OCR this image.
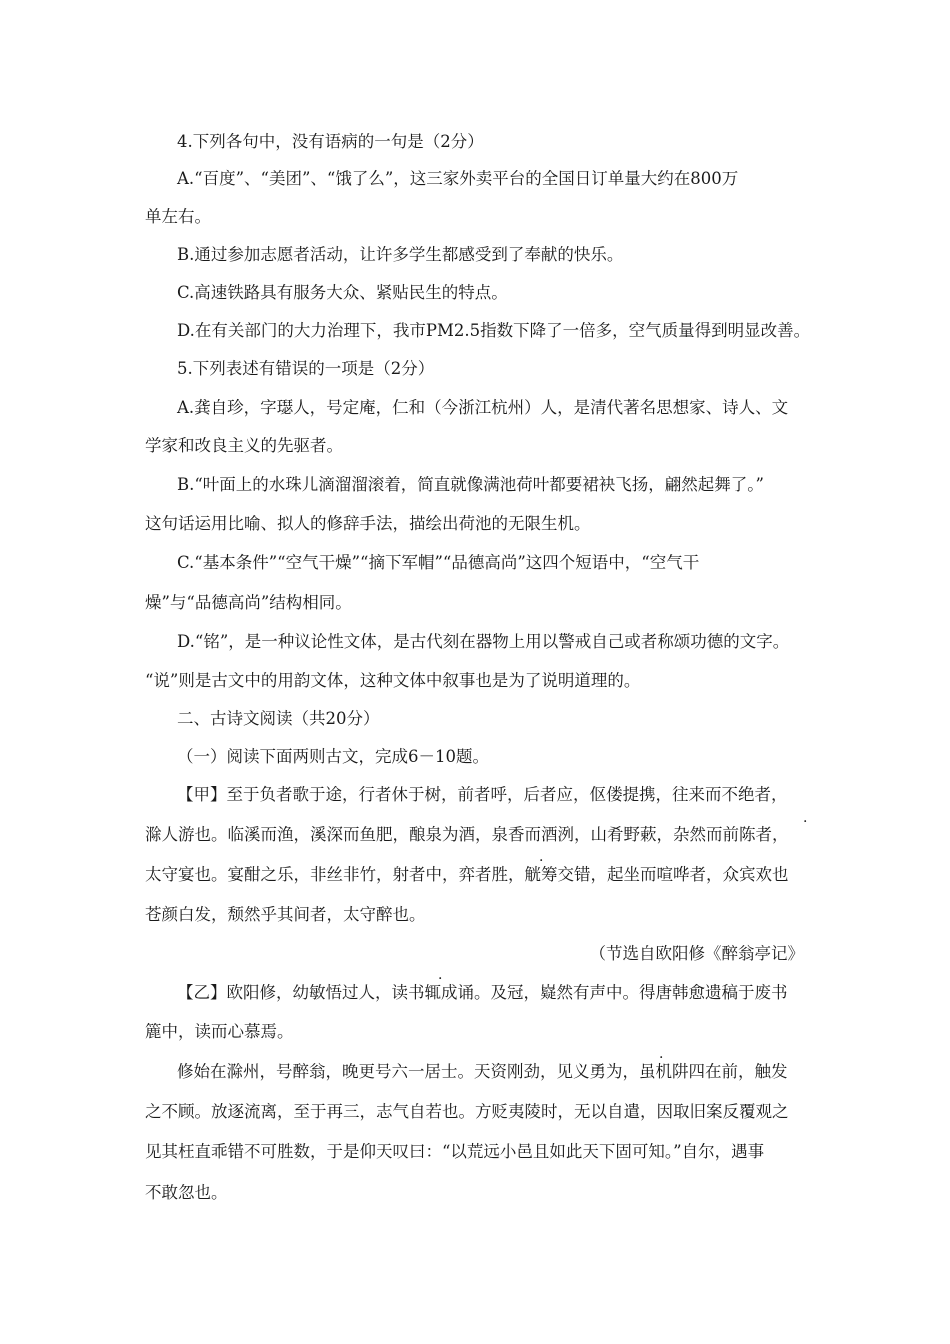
4.下列各句中，没有语病的一句是（2分）
A.“百度”、“美团”、“饿了么”，这三家外卖平台的全国日订单量大约在800万
单左右。
B.通过参加志愿者活动，让许多学生都感受到了奉献的快乐。
C.高速铁路具有服务大众、紧贴民生的特点。
D.在有关部门的大力治理下，我市PM2.5指数下降了一倍多，空气质量得到明显改善。
5.下列表述有错误的一项是（2分）
A.龚自珍，字璱人，号定庵，仁和（今浙江杭州）人，是清代著名思想家、诗人、文
学家和改良主义的先驱者。
B.“叶面上的水珠儿滴溜溜滚着，简直就像满池荷叶都要裙袂飞扬，翩然起舞了。”
这句话运用比喻、拟人的修辞手法，描绘出荷池的无限生机。
C.“基本条件”“空气干燥”“摘下军帽”“品德高尚”这四个短语中，“空气干
燥”与“品德高尚”结构相同。
D.“铭”，是一种议论性文体，是古代刻在器物上用以警戒自己或者称颂功德的文字。
“说”则是古文中的用韵文体，这种文体中叙事也是为了说明道理的。
二、古诗文阅读（共20分）
（一）阅读下面两则古文，完成6－10题。
【甲】至于负者歌于途，行者休于树，前者呼，后者应，伛偻提携，往来而不绝者，
·
滁人游也。临溪而渔，溪深而鱼肥，酿泉为酒，泉香而酒洌，山肴野蔌，杂然而前陈者，
·
太守宴也。宴酣之乐，非丝非竹，射者中，弈者胜，觥筹交错，起坐而喧哗者，众宾欢也
苍颜白发，颓然乎其间者，太守醉也。
（节选自欧阳修《醉翁亭记》
·
【乙】欧阳修，幼敏悟过人，读书辄成诵。及冠，嶷然有声中。得唐韩愈遗稿于废书
簏中，读而心慕焉。
·
修始在滁州，号醉翁，晚更号六一居士。天资刚劲，见义勇为，虽机阱四在前，触发
之不顾。放逐流离，至于再三，志气自若也。方贬夷陵时，无以自遣，因取旧案反覆观之
见其枉直乖错不可胜数，于是仰天叹曰：“以荒远小邑且如此天下固可知。”自尔，遇事
不敢忽也。
